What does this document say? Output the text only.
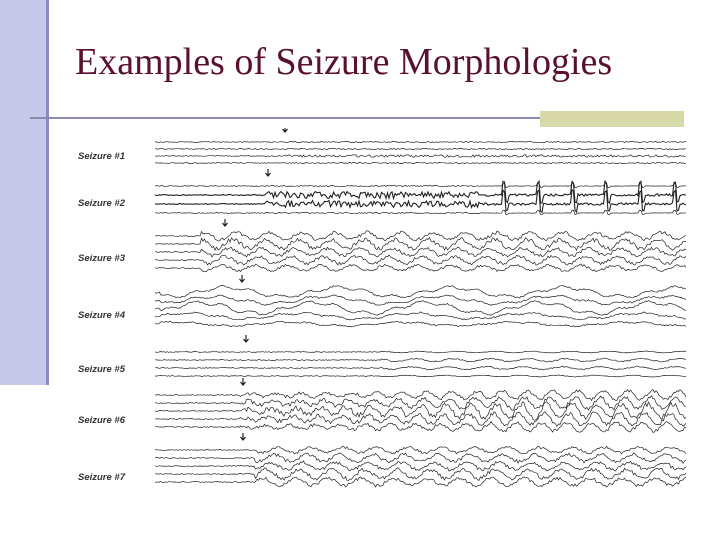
Examples of Seizure Morphologies
Seizure #1
Seizure #2
Seizure #3
Seizure #4
Seizure #5
Seizure #6
Seizure #7
